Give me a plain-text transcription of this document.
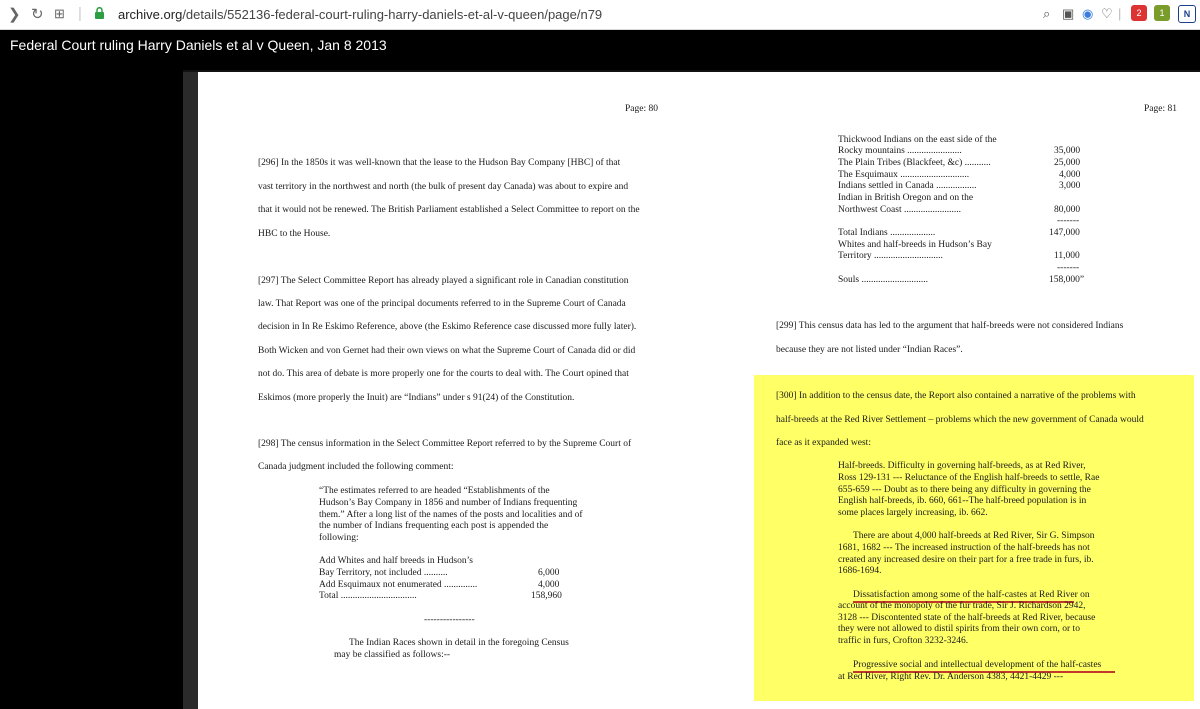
❯ ↻ ⊞ |	archive.org/details/552136-federal-court-ruling-harry-daniels-et-al-v-queen/page/n79	⌕ ▣ ◉ ♡ |	2	1	N
Federal Court ruling Harry Daniels et al v Queen, Jan 8 2013
Page: 80
[296] In the 1850s it was well-known that the lease to the Hudson Bay Company [HBC] of that
vast territory in the northwest and north (the bulk of present day Canada) was about to expire and
that it would not be renewed. The British Parliament established a Select Committee to report on the
HBC to the House.
[297] The Select Committee Report has already played a significant role in Canadian constitution
law. That Report was one of the principal documents referred to in the Supreme Court of Canada
decision in In Re Eskimo Reference, above (the Eskimo Reference case discussed more fully later).
Both Wicken and von Gernet had their own views on what the Supreme Court of Canada did or did
not do. This area of debate is more properly one for the courts to deal with. The Court opined that
Eskimos (more properly the Inuit) are “Indians” under s 91(24) of the Constitution.
[298] The census information in the Select Committee Report referred to by the Supreme Court of
Canada judgment included the following comment:
“The estimates referred to are headed “Establishments of the
Hudson’s Bay Company in 1856 and number of Indians frequenting
them.” After a long list of the names of the posts and localities and of
the number of Indians frequenting each post is appended the
following:
Add Whites and half breeds in Hudson’s
Bay Territory, not included ..........	6,000
Add Esquimaux not enumerated ..............	4,000
Total ................................	158,960
----------------
The Indian Races shown in detail in the foregoing Census
may be classified as follows:--
Page: 81
Thickwood Indians on the east side of the
Rocky mountains .......................	35,000
The Plain Tribes (Blackfeet, &c) ...........	25,000
The Esquimaux .............................	4,000
Indians settled in Canada .................	3,000
Indian in British Oregon and on the
Northwest Coast ........................	80,000
-------
Total Indians ...................	147,000
Whites and half-breeds in Hudson’s Bay
Territory .............................	11,000
-------
Souls ............................	158,000”
[299] This census data has led to the argument that half-breeds were not considered Indians
because they are not listed under “Indian Races”.
[300] In addition to the census date, the Report also contained a narrative of the problems with
half-breeds at the Red River Settlement – problems which the new government of Canada would
face as it expanded west:
Half-breeds. Difficulty in governing half-breeds, as at Red River,
Ross 129-131 --- Reluctance of the English half-breeds to settle, Rae
655-659 --- Doubt as to there being any difficulty in governing the
English half-breeds, ib. 660, 661--The half-breed population is in
some places largely increasing, ib. 662.
There are about 4,000 half-breeds at Red River, Sir G. Simpson
1681, 1682 --- The increased instruction of the half-breeds has not
created any increased desire on their part for a free trade in furs, ib.
1686-1694.
Dissatisfaction among some of the half-castes at Red River on
account of the monopoly of the fur trade, Sir J. Richardson 2942,
3128 --- Discontented state of the half-breeds at Red River, because
they were not allowed to distil spirits from their own corn, or to
traffic in furs, Crofton 3232-3246.
Progressive social and intellectual development of the half-castes
at Red River, Right Rev. Dr. Anderson 4383, 4421-4429 ---
